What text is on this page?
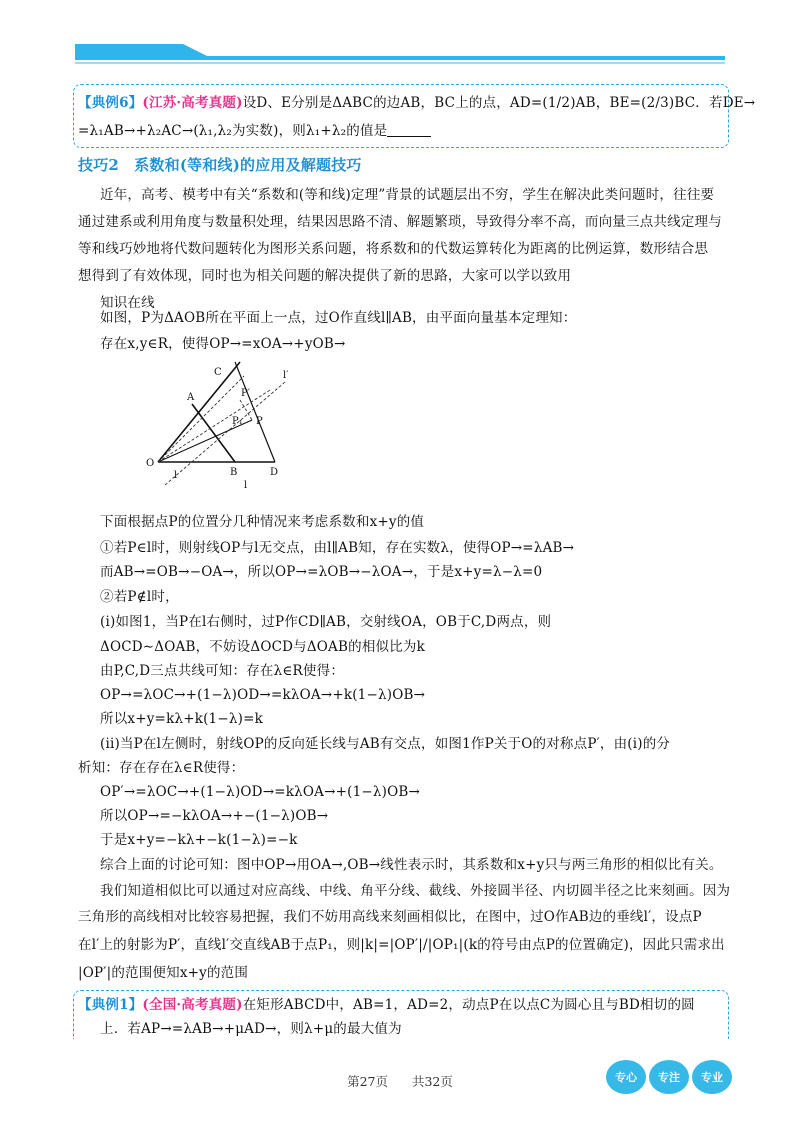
【典例6】(江苏·高考真题)设D、E分别是ΔABC的边AB，BC上的点，AD=(1/2)AB，BE=(2/3)BC．若DE→
=λ₁AB→+λ₂AC→(λ₁,λ₂为实数)，则λ₁+λ₂的值是
技巧2　系数和(等和线)的应用及解题技巧
近年，高考、模考中有关“系数和(等和线)定理”背景的试题层出不穷，学生在解决此类问题时，往往要
通过建系或利用角度与数量积处理，结果因思路不清、解题繁琐，导致得分率不高，而向量三点共线定理与
等和线巧妙地将代数问题转化为图形关系问题，将系数和的代数运算转化为距离的比例运算，数形结合思
想得到了有效体现，同时也为相关问题的解决提供了新的思路，大家可以学以致用
知识在线
如图，P为ΔAOB所在平面上一点，过O作直线l∥AB，由平面向量基本定理知：
存在x,y∈R，使得OP→=xOA→+yOB→
C	l′
A	P′
P₁ P
O
B	D
l
l
下面根据点P的位置分几种情况来考虑系数和x+y的值
①若P∈l时，则射线OP与l无交点，由l∥AB知，存在实数λ，使得OP→=λAB→
而AB→=OB→−OA→，所以OP→=λOB→−λOA→，于是x+y=λ−λ=0
②若P∉l时，
(i)如图1，当P在l右侧时，过P作CD∥AB，交射线OA，OB于C,D两点，则
ΔOCD∼ΔOAB，不妨设ΔOCD与ΔOAB的相似比为k
由P,C,D三点共线可知：存在λ∈R使得：
OP→=λOC→+(1−λ)OD→=kλOA→+k(1−λ)OB→
所以x+y=kλ+k(1−λ)=k
(ii)当P在l左侧时，射线OP的反向延长线与AB有交点，如图1作P关于O的对称点P′，由(i)的分
析知：存在存在λ∈R使得：
OP′→=λOC→+(1−λ)OD→=kλOA→+(1−λ)OB→
所以OP→=−kλOA→+−(1−λ)OB→
于是x+y=−kλ+−k(1−λ)=−k
综合上面的讨论可知：图中OP→用OA→,OB→线性表示时，其系数和x+y只与两三角形的相似比有关。
我们知道相似比可以通过对应高线、中线、角平分线、截线、外接圆半径、内切圆半径之比来刻画。因为
三角形的高线相对比较容易把握，我们不妨用高线来刻画相似比，在图中，过O作AB边的垂线l′，设点P
在l′上的射影为P′，直线l′交直线AB于点P₁，则|k|=|OP′|/|OP₁|(k的符号由点P的位置确定)，因此只需求出
|OP′|的范围便知x+y的范围
【典例1】(全国·高考真题)在矩形ABCD中，AB=1，AD=2，动点P在以点C为圆心且与BD相切的圆
上．若AP→=λAB→+μAD→，则λ+μ的最大值为
第27页 共32页	专心	专注	专业
